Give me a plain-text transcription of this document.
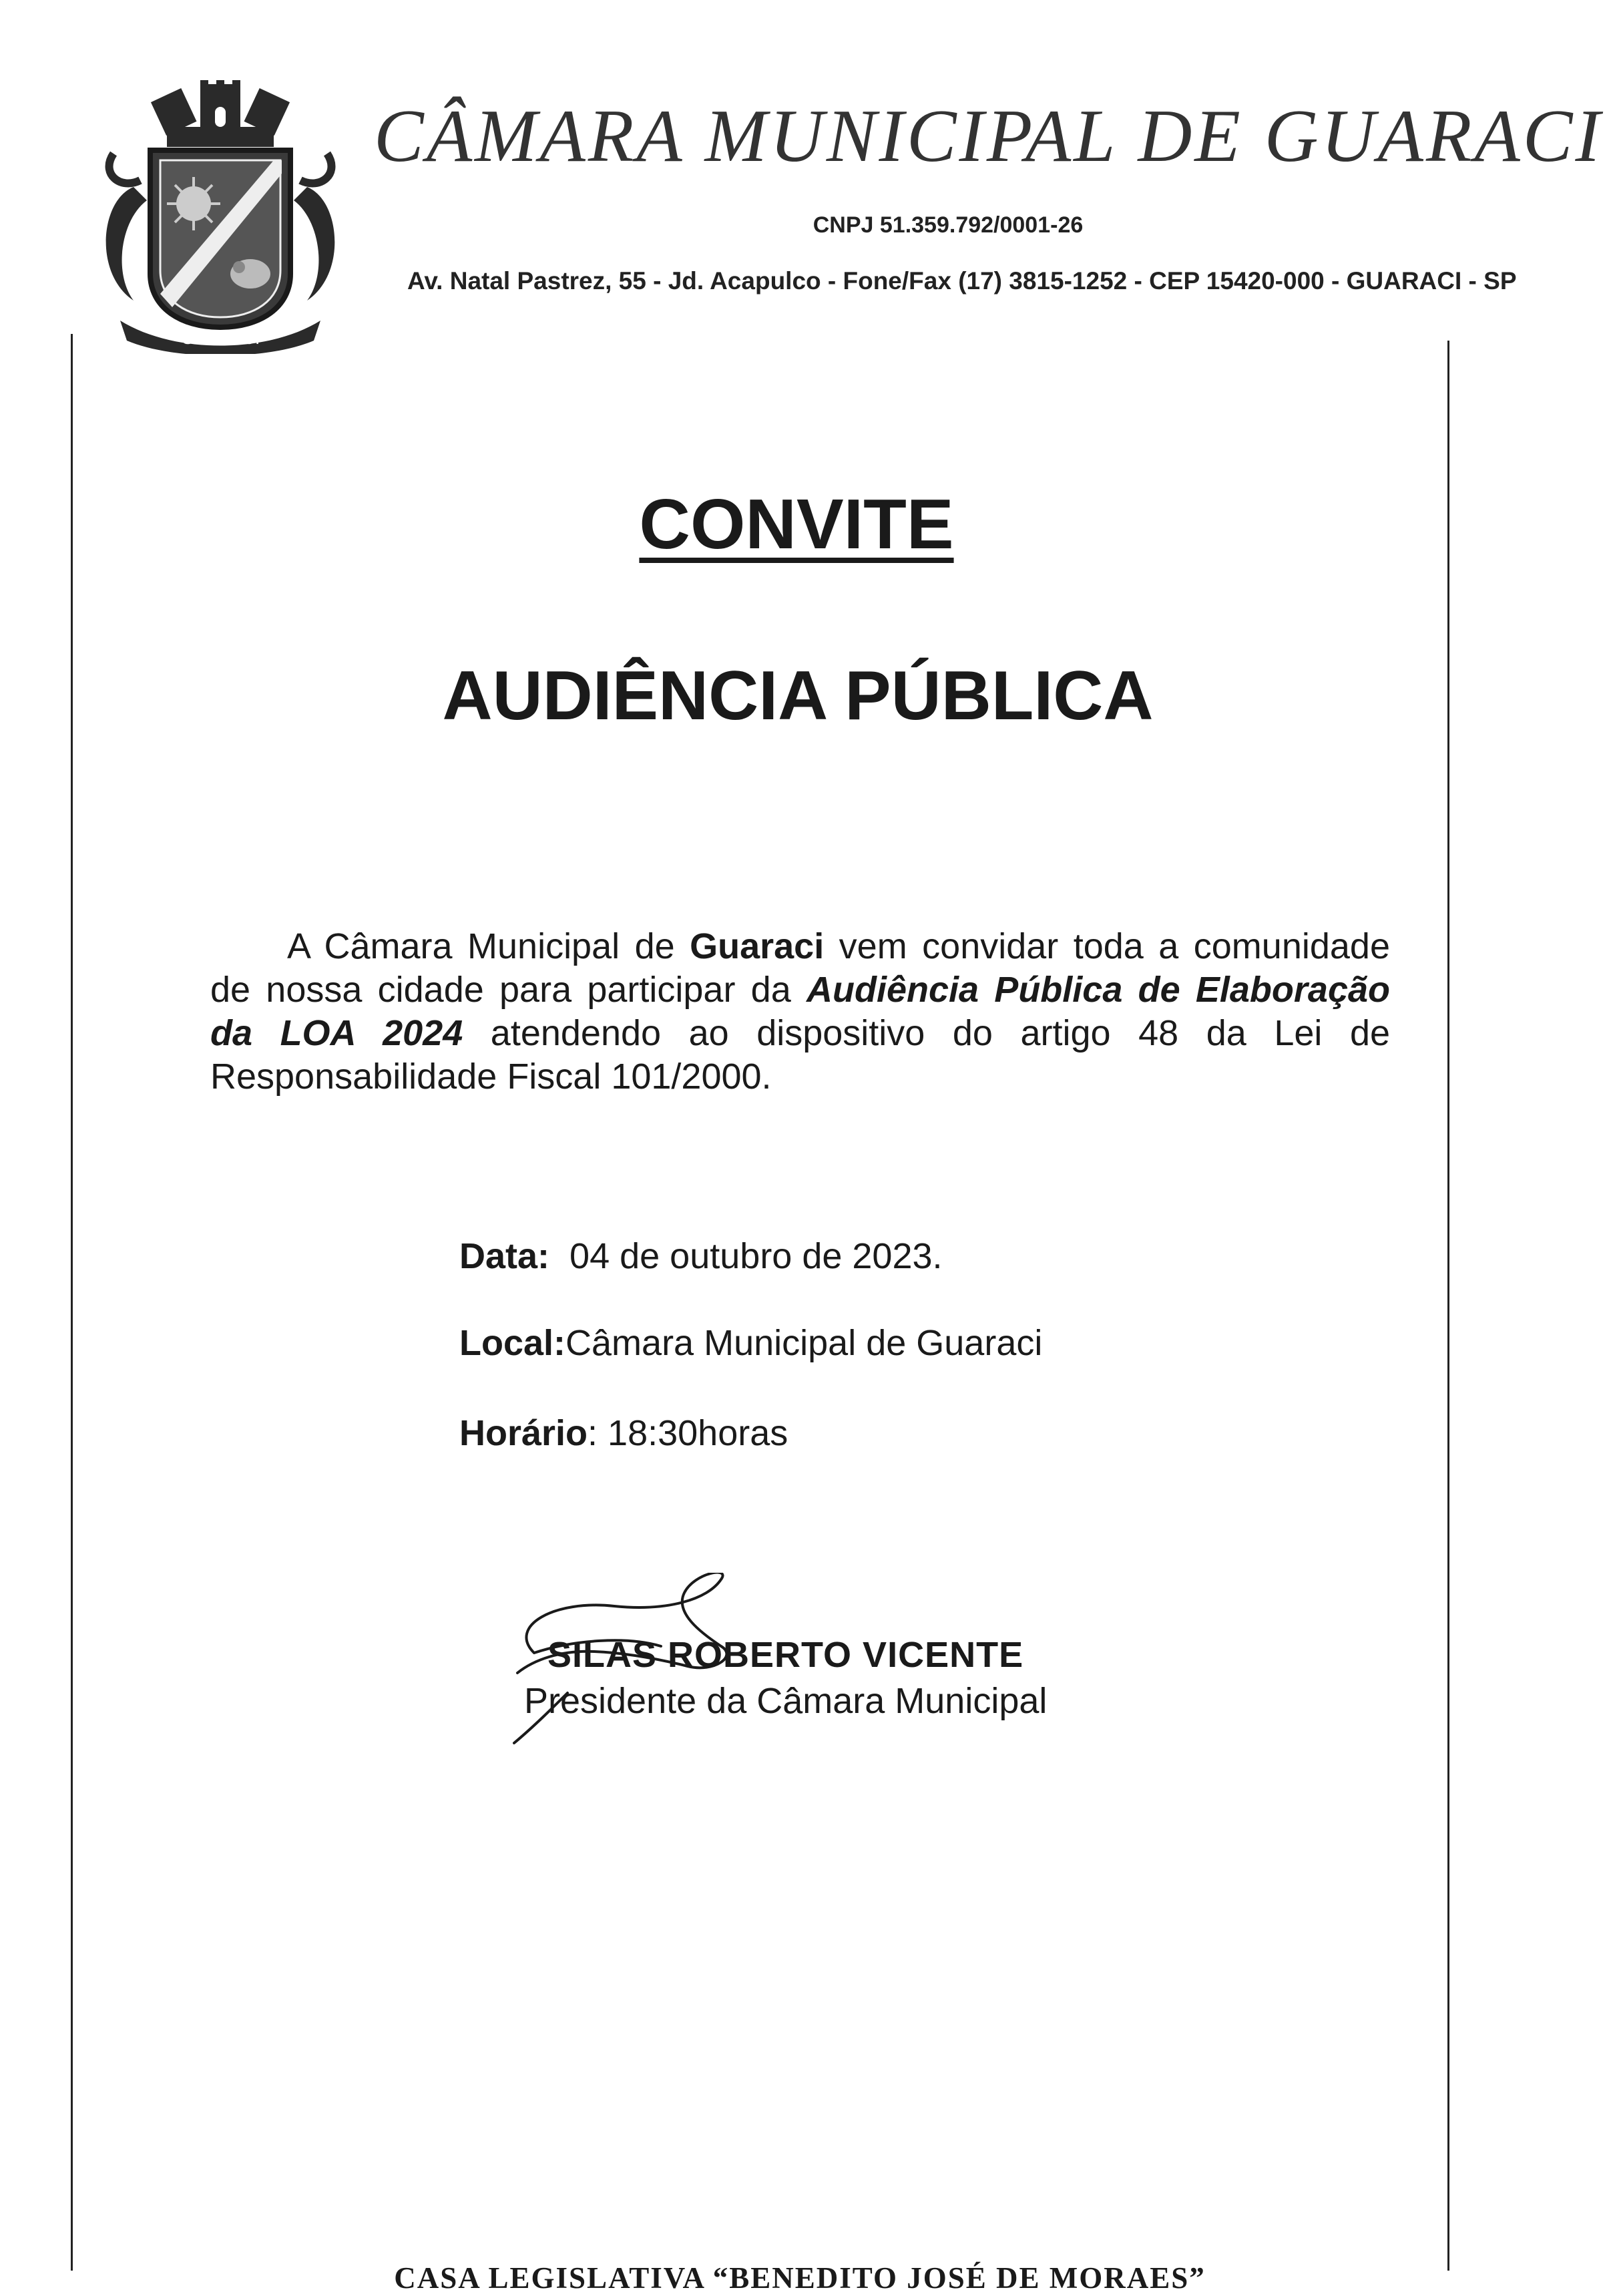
GUARACI
CÂMARA MUNICIPAL DE GUARACI
CNPJ 51.359.792/0001-26
Av. Natal Pastrez, 55 - Jd. Acapulco - Fone/Fax (17) 3815-1252 - CEP 15420-000 - GUARACI - SP
CONVITE
AUDIÊNCIA PÚBLICA
A Câmara Municipal de Guaraci vem convidar toda a comunidade de nossa cidade para participar da Audiência Pública de Elaboração da LOA 2024 atendendo ao dispositivo do artigo 48 da Lei de Responsabilidade Fiscal 101/2000.
Data: 04 de outubro de 2023.
Local:Câmara Municipal de Guaraci
Horário: 18:30horas
SILAS ROBERTO VICENTE
Presidente da Câmara Municipal
CASA LEGISLATIVA “BENEDITO JOSÉ DE MORAES”
